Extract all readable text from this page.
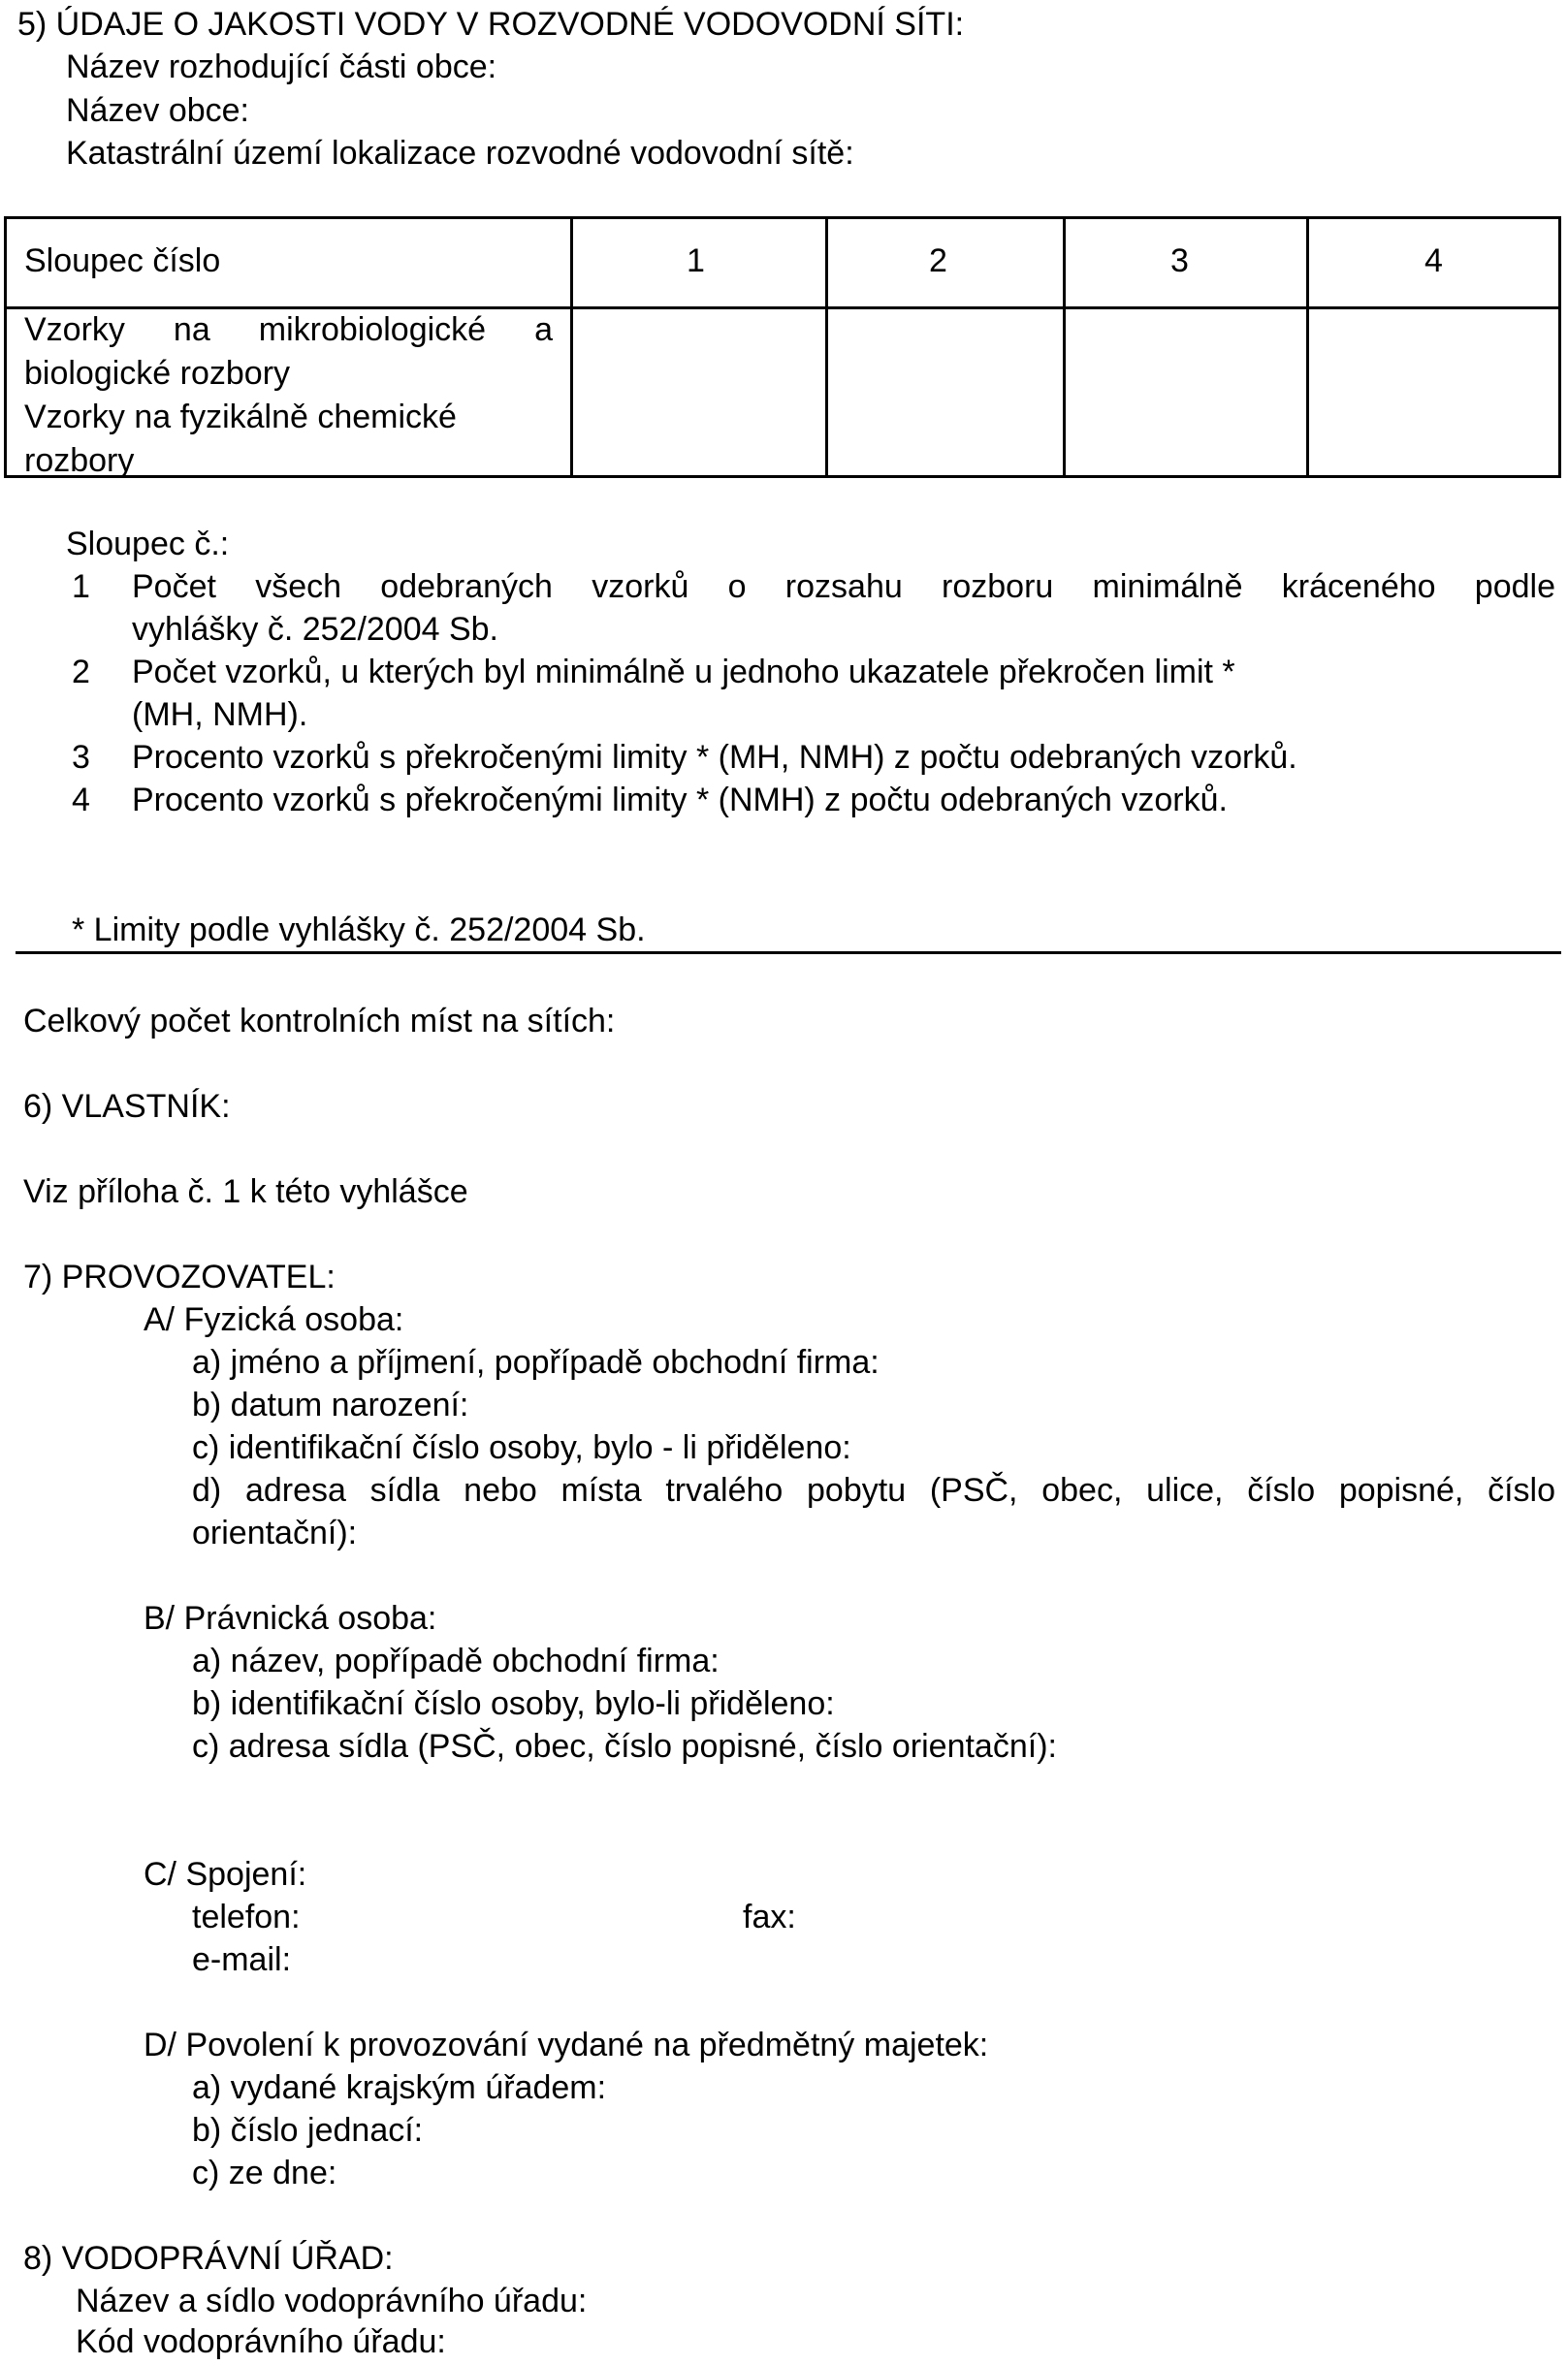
5) ÚDAJE O JAKOSTI VODY V ROZVODNÉ VODOVODNÍ SÍTI:
Název rozhodující části obce:
Název obce:
Katastrální území lokalizace rozvodné vodovodní sítě:
Sloupec číslo	1	2	3	4
Vzorky na mikrobiologické a
biologické rozbory
Vzorky na fyzikálně chemické
rozbory
Sloupec č.:
1 Počet všech odebraných vzorků o rozsahu rozboru minimálně kráceného podle
vyhlášky č. 252/2004 Sb.
2 Počet vzorků, u kterých byl minimálně u jednoho ukazatele překročen limit *
(MH, NMH).
3 Procento vzorků s překročenými limity * (MH, NMH) z počtu odebraných vzorků.
4 Procento vzorků s překročenými limity * (NMH) z počtu odebraných vzorků.
* Limity podle vyhlášky č. 252/2004 Sb.
Celkový počet kontrolních míst na sítích:
6) VLASTNÍK:
Viz příloha č. 1 k této vyhlášce
7) PROVOZOVATEL:
A/ Fyzická osoba:
a) jméno a příjmení, popřípadě obchodní firma:
b) datum narození:
c) identifikační číslo osoby, bylo - li přiděleno:
d) adresa sídla nebo místa trvalého pobytu (PSČ, obec, ulice, číslo popisné, číslo
orientační):
B/ Právnická osoba:
a) název, popřípadě obchodní firma:
b) identifikační číslo osoby, bylo-li přiděleno:
c) adresa sídla (PSČ, obec, číslo popisné, číslo orientační):
C/ Spojení:
telefon:	fax:
e-mail:
D/ Povolení k provozování vydané na předmětný majetek:
a) vydané krajským úřadem:
b) číslo jednací:
c) ze dne:
8) VODOPRÁVNÍ ÚŘAD:
Název a sídlo vodoprávního úřadu:
Kód vodoprávního úřadu:
